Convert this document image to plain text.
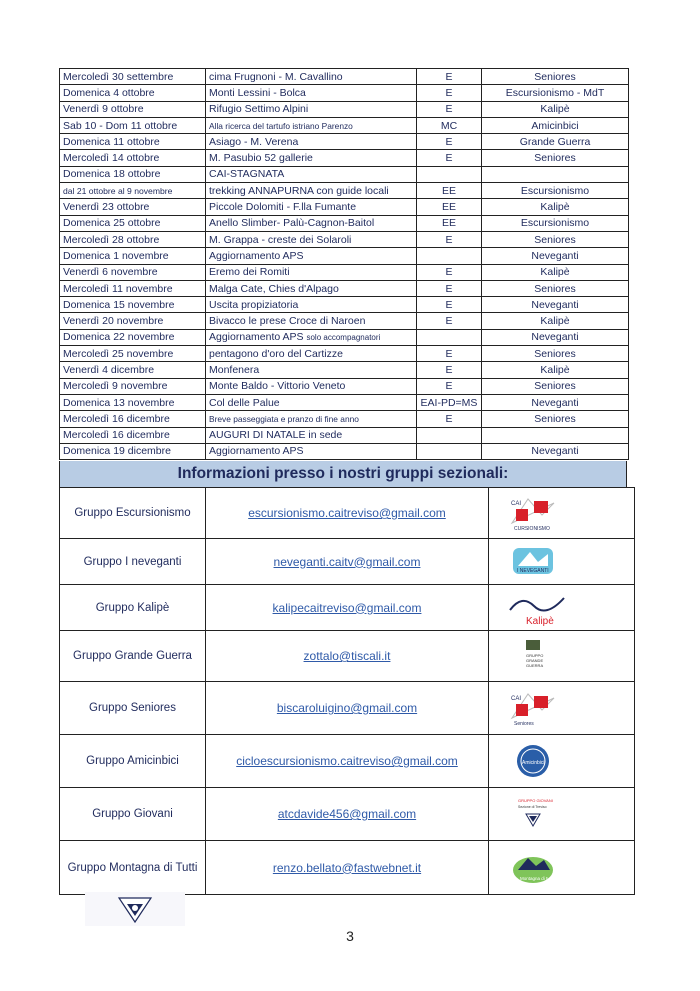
Mercoledì 30 settembre	cima Frugnoni - M. Cavallino	E	Seniores
Domenica 4 ottobre	Monti Lessini - Bolca	E	Escursionismo - MdT
Venerdì 9 ottobre	Rifugio Settimo Alpini	E	Kalipè
Sab 10 - Dom 11 ottobre	Alla ricerca del tartufo istriano Parenzo	MC	Amicinbici
Domenica 11 ottobre	Asiago - M. Verena	E	Grande Guerra
Mercoledì 14 ottobre	M. Pasubio 52 gallerie	E	Seniores
Domenica 18 ottobre	CAI-STAGNATA		
dal 21 ottobre al 9 novembre	trekking ANNAPURNA con guide locali	EE	Escursionismo
Venerdì 23 ottobre	Piccole Dolomiti - F.lla Fumante	EE	Kalipè
Domenica 25 ottobre	Anello Slimber- Palù-Cagnon-Baitol	EE	Escursionismo
Mercoledì 28 ottobre	M. Grappa - creste dei Solaroli	E	Seniores
Domenica 1 novembre	Aggiornamento APS		Neveganti
Venerdì 6 novembre	Eremo dei Romiti	E	Kalipè
Mercoledì 11 novembre	Malga Cate, Chies d'Alpago	E	Seniores
Domenica 15 novembre	Uscita propiziatoria	E	Neveganti
Venerdì 20 novembre	Bivacco le prese Croce di Naroen	E	Kalipè
Domenica 22 novembre	Aggiornamento APS solo accompagnatori		Neveganti
Mercoledì 25 novembre	pentagono d'oro del Cartizze	E	Seniores
Venerdì 4 dicembre	Monfenera	E	Kalipè
Mercoledì 9 novembre	Monte Baldo - Vittorio Veneto	E	Seniores
Domenica 13 novembre	Col delle Palue	EAI-PD=MS	Neveganti
Mercoledì 16 dicembre	Breve passeggiata e pranzo di fine anno	E	Seniores
Mercoledì 16 dicembre	AUGURI DI NATALE in sede		
Domenica 19 dicembre	Aggiornamento APS		Neveganti
Informazioni presso i nostri gruppi sezionali:
Gruppo Escursionismo	escursionismo.caitreviso@gmail.com	CAI
CURSIONISMO

Gruppo I neveganti	neveganti.caitv@gmail.com	I NEVEGANTI

Gruppo Kalipè	kalipecaitreviso@gmail.com	Kalipè

Gruppo Grande Guerra	zottalo@tiscali.it	GRUPPO
GRANDE
GUERRA

Gruppo Seniores	biscaroluigino@gmail.com	CAI
Seniores

Gruppo Amicinbici	cicloescursionismo.caitreviso@gmail.com	Amicinbici

Gruppo Giovani	atcdavide456@gmail.com	GRUPPO GIOVANI
Sezione di Treviso

Gruppo Montagna di Tutti	renzo.bellato@fastwebnet.it	Montagna di tutti
3
